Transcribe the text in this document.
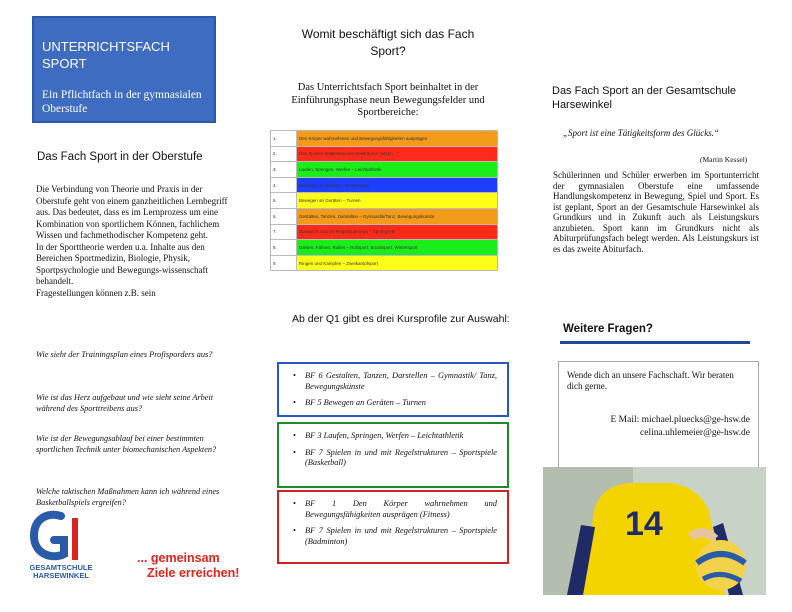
UNTERRICHTSFACH SPORT
Ein Pflichtfach in der gymnasialen Oberstufe
Das Fach Sport in der Oberstufe

Die Verbindung von Theorie und Praxis in der Oberstufe geht von einem ganzheitlichen Lernbegriff aus. Das bedeutet, dass es im Lernprozess um eine Kombination von sportlichem Können, fachlichem Wissen und fachmethodischer Kompetenz geht.

In der Sporttheorie werden u.a. Inhalte aus den Bereichen Sportmedizin, Biologie, Physik, Sportpsychologie und Bewegungs-wissenschaft behandelt.

Fragestellungen können z.B. sein

Wie sieht der Trainingsplan eines Profisporders aus?

Wie ist das Herz aufgebaut und wie sieht seine Arbeit während des Sporttreibens aus?

Wie ist der Bewegungsablauf bei einer bestimmten sportlichen Technik unter biomechanischen Aspekten?

Welche taktischen Maßnahmen kann ich während eines Basketballspiels ergreifen?

GESAMTSCHULE
HARSEWINKEL
... gemeinsam
Ziele erreichen!
Womit beschäftigt sich das Fach Sport?
Das Unterrichtsfach Sport beinhaltet in der Einführungsphase neun Bewegungsfelder und Sportbereiche:
1.	Den Körper wahrnehmen und Bewegungsfähigkeiten ausprägen
2.	Das Spielen entdecken und Spielräume nutzen
3.	Laufen, Springen, Werfen – Leichtathletik
4.	Bewegen im Wasser – Schwimmen
5.	Bewegen an Geräten – Turnen
6.	Gestalten, Tanzen, Darstellen – Gymnastik/Tanz, Bewegungskünste
7.	Spielen in und mit Regelstrukturen – Sportspiele
8.	Gleiten, Fahren, Rollen – Rollsport, Bootssport, Wintersport
9.	Ringen und Kämpfen – Zweikampfsport
Ab der Q1 gibt es drei Kursprofile zur Auswahl:
• BF 6 Gestalten, Tanzen, Darstellen – Gymnastik/ Tanz, Bewegungskünste
• BF 5 Bewegen an Geräten – Turnen
• BF 3 Laufen, Springen, Werfen – Leichtathletik
• BF 7 Spielen in und mit Regelstrukturen – Sportspiele (Basketball)
• BF 1 Den Körper wahrnehmen und Bewegungsfähigkeiten ausprägen (Fitness)
• BF 7 Spielen in und mit Regelstrukturen – Sportspiele (Badminton)
Das Fach Sport an der Gesamtschule Harsewinkel
„Sport ist eine Tätigkeitsform des Glücks.“
(Martin Kessel)
Schülerinnen und Schüler erwerben im Sportunterricht der gymnasialen Oberstufe eine umfassende Handlungskompetenz in Bewegung, Spiel und Sport. Es ist geplant, Sport an der Gesamtschule Harsewinkel als Grundkurs und in Zukunft auch als Leistungskurs anzubieten. Sport kann im Grundkurs nicht als Abiturprüfungsfach belegt werden. Als Leistungskurs ist es das zweite Abiturfach.
Weitere Fragen?
Wende dich an unsere Fachschaft. Wir beraten dich gerne.
E Mail: michael.pluecks@ge-hsw.de
celina.uhlemeier@ge-hsw.de
14
